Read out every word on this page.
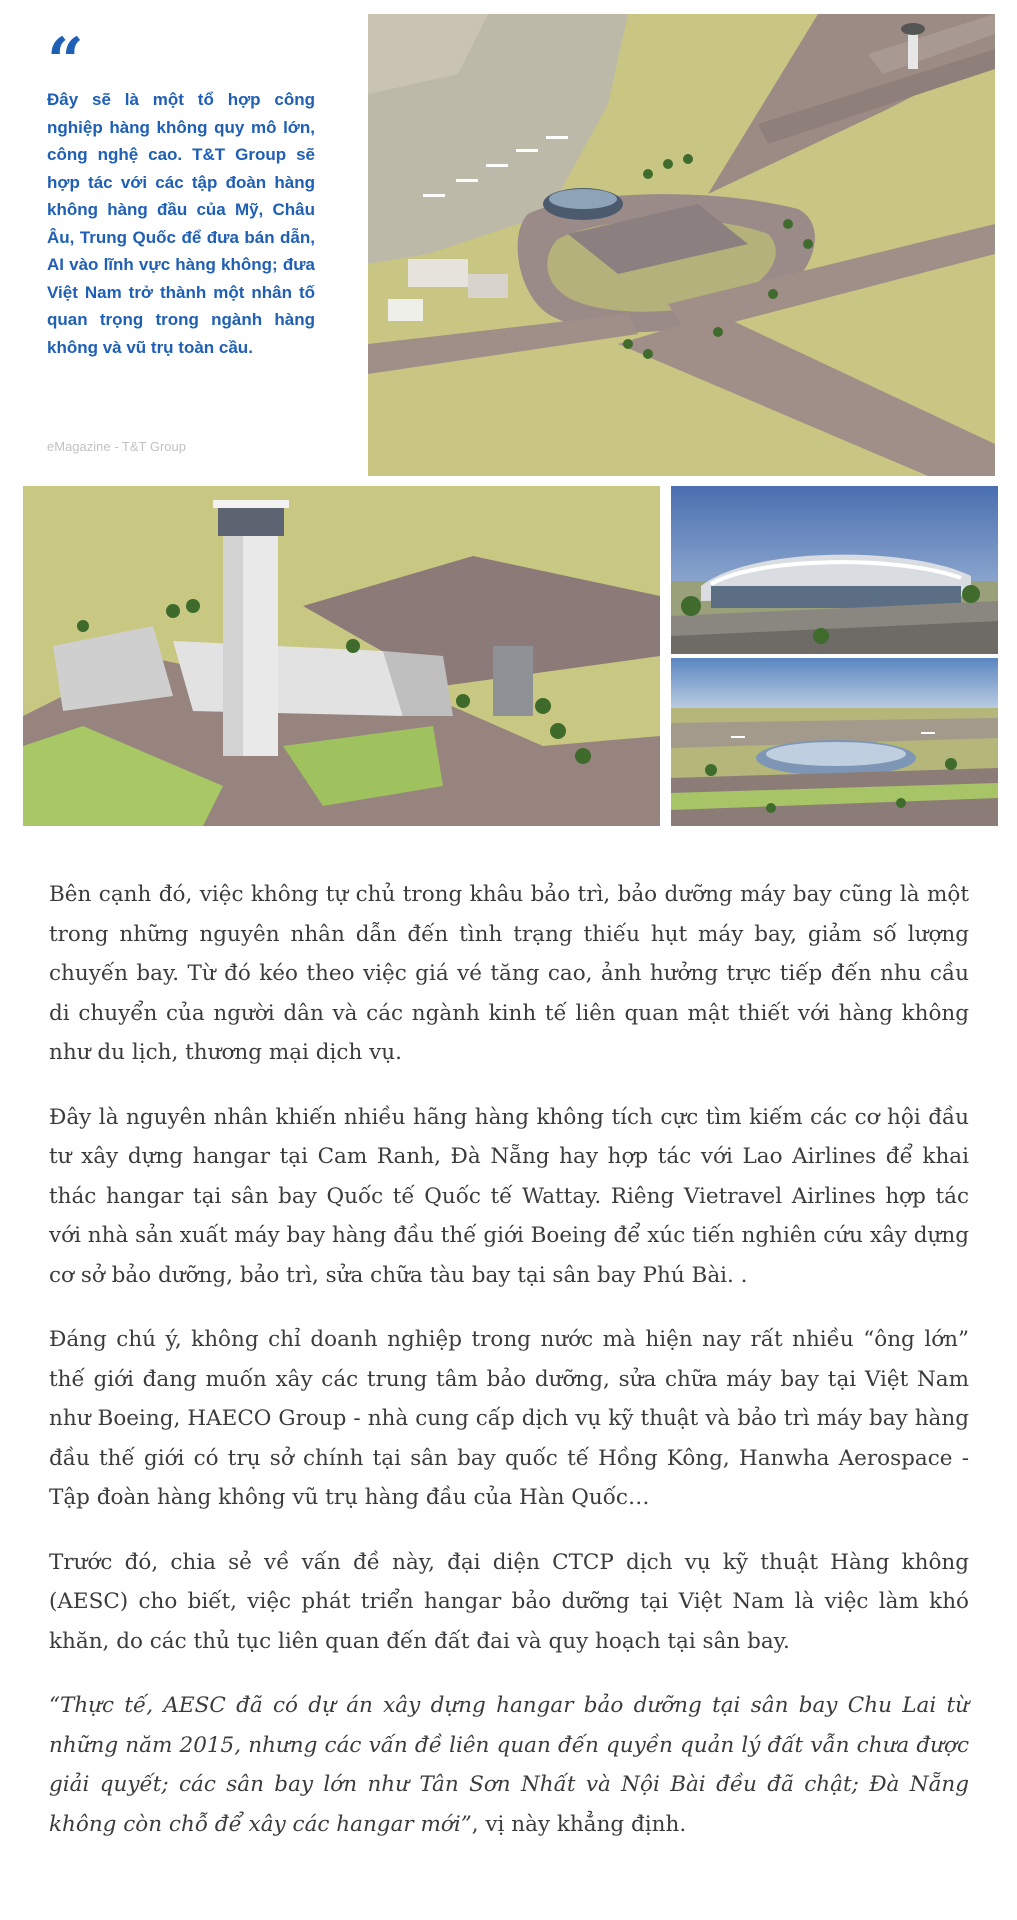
“
Đây sẽ là một tổ hợp công nghiệp hàng không quy mô lớn, công nghệ cao. T&T Group sẽ hợp tác với các tập đoàn hàng không hàng đầu của Mỹ, Châu Âu, Trung Quốc để đưa bán dẫn, AI vào lĩnh vực hàng không; đưa Việt Nam trở thành một nhân tố quan trọng trong ngành hàng không và vũ trụ toàn cầu.
eMagazine - T&T Group

Bên cạnh đó, việc không tự chủ trong khâu bảo trì, bảo dưỡng máy bay cũng là một trong những nguyên nhân dẫn đến tình trạng thiếu hụt máy bay, giảm số lượng chuyến bay. Từ đó kéo theo việc giá vé tăng cao, ảnh hưởng trực tiếp đến nhu cầu di chuyển của người dân và các ngành kinh tế liên quan mật thiết với hàng không như du lịch, thương mại dịch vụ.

Đây là nguyên nhân khiến nhiều hãng hàng không tích cực tìm kiếm các cơ hội đầu tư xây dựng hangar tại Cam Ranh, Đà Nẵng hay hợp tác với Lao Airlines để khai thác hangar tại sân bay Quốc tế Quốc tế Wattay. Riêng Vietravel Airlines hợp tác với nhà sản xuất máy bay hàng đầu thế giới Boeing để xúc tiến nghiên cứu xây dựng cơ sở bảo dưỡng, bảo trì, sửa chữa tàu bay tại sân bay Phú Bài. .

Đáng chú ý, không chỉ doanh nghiệp trong nước mà hiện nay rất nhiều “ông lớn” thế giới đang muốn xây các trung tâm bảo dưỡng, sửa chữa máy bay tại Việt Nam như Boeing, HAECO Group - nhà cung cấp dịch vụ kỹ thuật và bảo trì máy bay hàng đầu thế giới có trụ sở chính tại sân bay quốc tế Hồng Kông, Hanwha Aerospace - Tập đoàn hàng không vũ trụ hàng đầu của Hàn Quốc…

Trước đó, chia sẻ về vấn đề này, đại diện CTCP dịch vụ kỹ thuật Hàng không (AESC) cho biết, việc phát triển hangar bảo dưỡng tại Việt Nam là việc làm khó khăn, do các thủ tục liên quan đến đất đai và quy hoạch tại sân bay.

“Thực tế, AESC đã có dự án xây dựng hangar bảo dưỡng tại sân bay Chu Lai từ những năm 2015, nhưng các vấn đề liên quan đến quyền quản lý đất vẫn chưa được giải quyết; các sân bay lớn như Tân Sơn Nhất và Nội Bài đều đã chật; Đà Nẵng không còn chỗ để xây các hangar mới”, vị này khẳng định.
